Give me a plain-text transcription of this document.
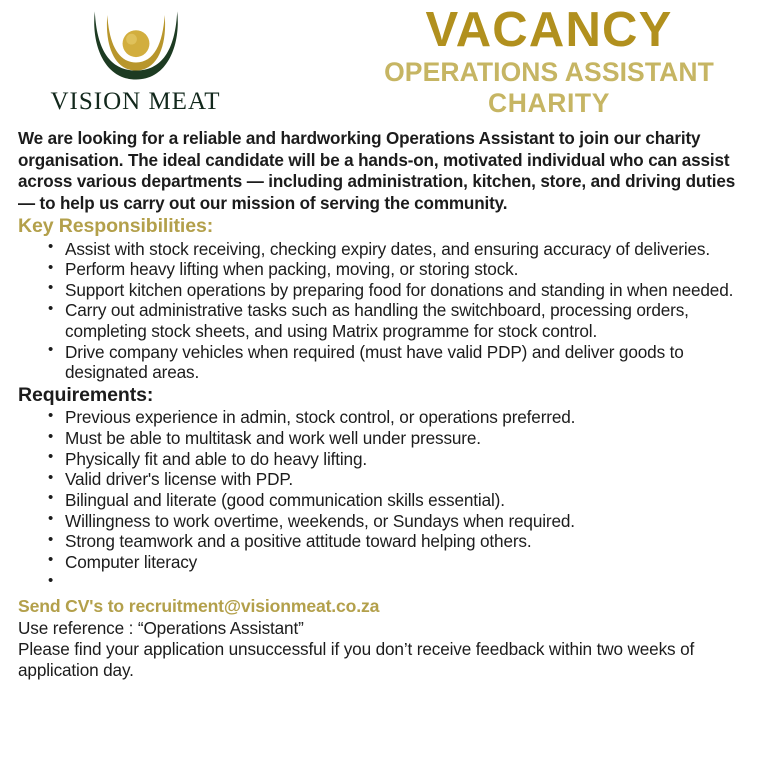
VISION MEAT
VACANCY
OPERATIONS ASSISTANT
CHARITY

We are looking for a reliable and hardworking Operations Assistant to join our charity organisation. The ideal candidate will be a hands-on, motivated individual who can assist across various departments — including administration, kitchen, store, and driving duties — to help us carry out our mission of serving the community.

Key Responsibilities:
• Assist with stock receiving, checking expiry dates, and ensuring accuracy of deliveries.
• Perform heavy lifting when packing, moving, or storing stock.
• Support kitchen operations by preparing food for donations and standing in when needed.
• Carry out administrative tasks such as handling the switchboard, processing orders, completing stock sheets, and using Matrix programme for stock control.
• Drive company vehicles when required (must have valid PDP) and deliver goods to designated areas.
Requirements:
• Previous experience in admin, stock control, or operations preferred.
• Must be able to multitask and work well under pressure.
• Physically fit and able to do heavy lifting.
• Valid driver's license with PDP.
• Bilingual and literate (good communication skills essential).
• Willingness to work overtime, weekends, or Sundays when required.
• Strong teamwork and a positive attitude toward helping others.
• Computer literacy
•
Send CV's to recruitment@visionmeat.co.za
Use reference : “Operations Assistant”
Please find your application unsuccessful if you don’t receive feedback within two weeks of application day.
